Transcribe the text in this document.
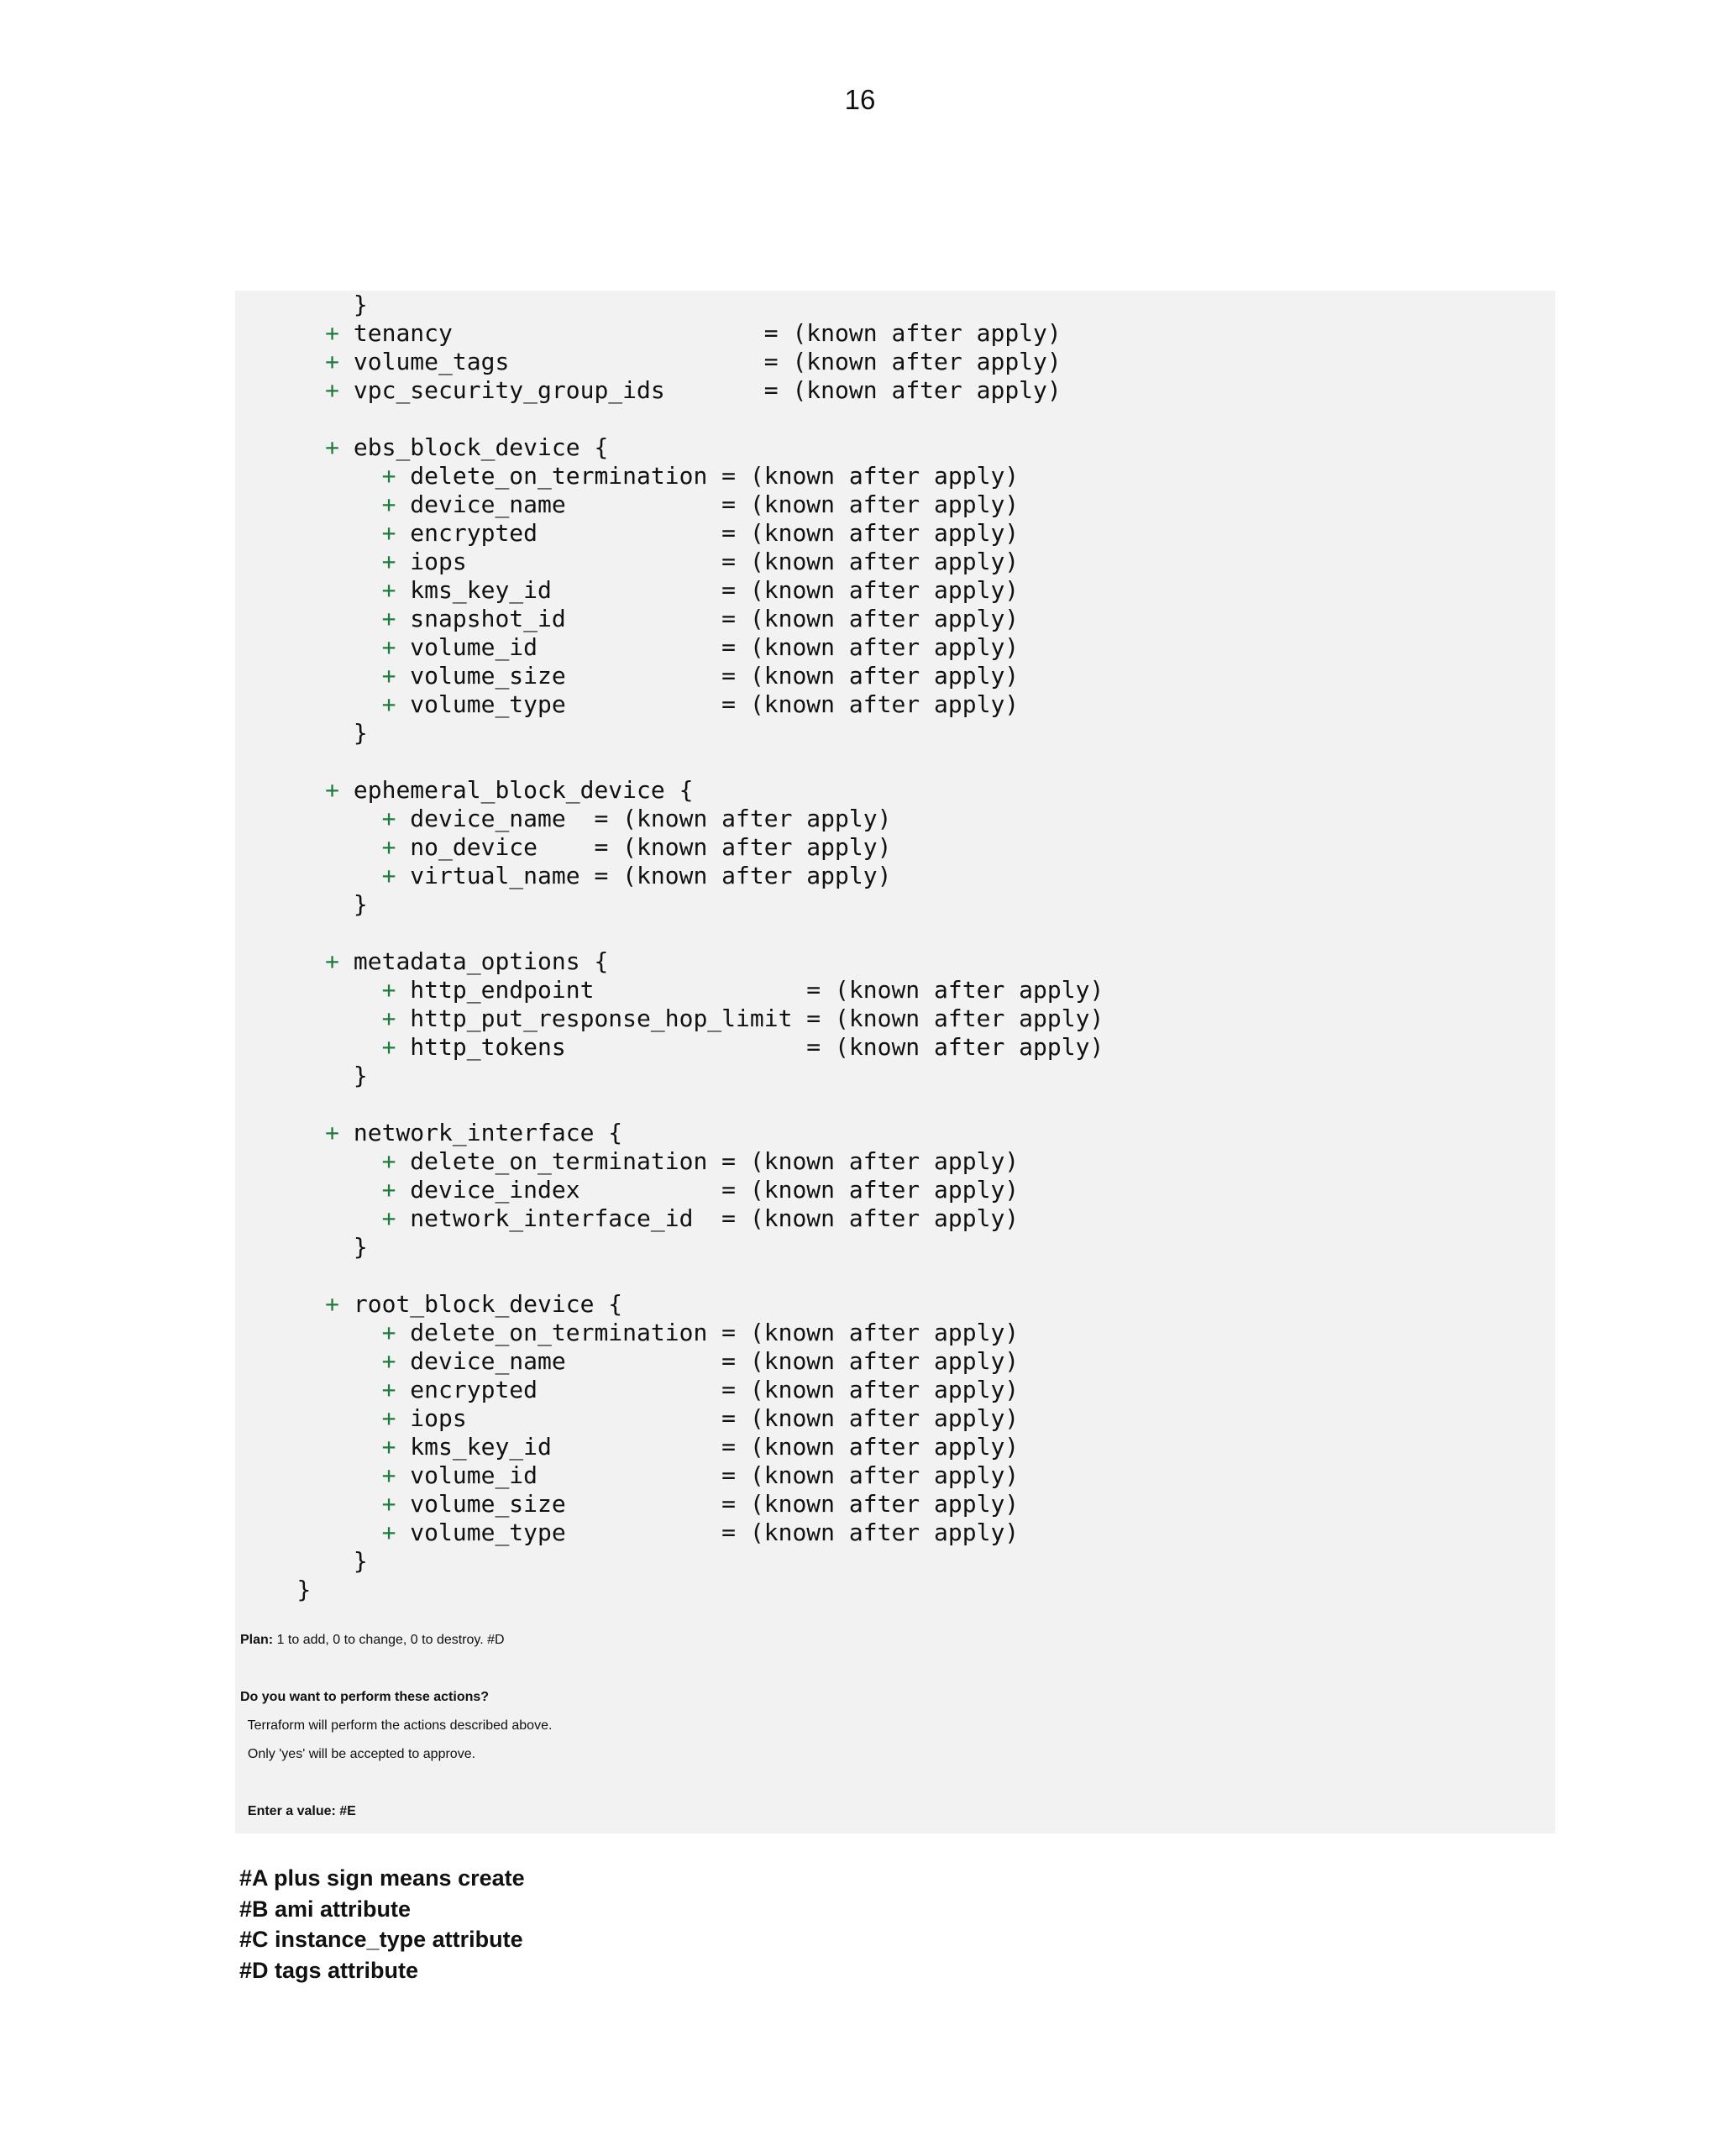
16
}
+ tenancy                      = (known after apply)
+ volume_tags                  = (known after apply)
+ vpc_security_group_ids       = (known after apply)
+ ebs_block_device {
+ delete_on_termination = (known after apply)
+ device_name           = (known after apply)
+ encrypted             = (known after apply)
+ iops                  = (known after apply)
+ kms_key_id            = (known after apply)
+ snapshot_id           = (known after apply)
+ volume_id             = (known after apply)
+ volume_size           = (known after apply)
+ volume_type           = (known after apply)
}
+ ephemeral_block_device {
+ device_name  = (known after apply)
+ no_device    = (known after apply)
+ virtual_name = (known after apply)
}
+ metadata_options {
+ http_endpoint               = (known after apply)
+ http_put_response_hop_limit = (known after apply)
+ http_tokens                 = (known after apply)
}
+ network_interface {
+ delete_on_termination = (known after apply)
+ device_index          = (known after apply)
+ network_interface_id  = (known after apply)
}
+ root_block_device {
+ delete_on_termination = (known after apply)
+ device_name           = (known after apply)
+ encrypted             = (known after apply)
+ iops                  = (known after apply)
+ kms_key_id            = (known after apply)
+ volume_id             = (known after apply)
+ volume_size           = (known after apply)
+ volume_type           = (known after apply)
}
}
Plan: 1 to add, 0 to change, 0 to destroy. #D
Do you want to perform these actions?
Terraform will perform the actions described above.
Only 'yes' will be accepted to approve.
Enter a value: #E
#A plus sign means create
#B ami attribute
#C instance_type attribute
#D tags attribute
